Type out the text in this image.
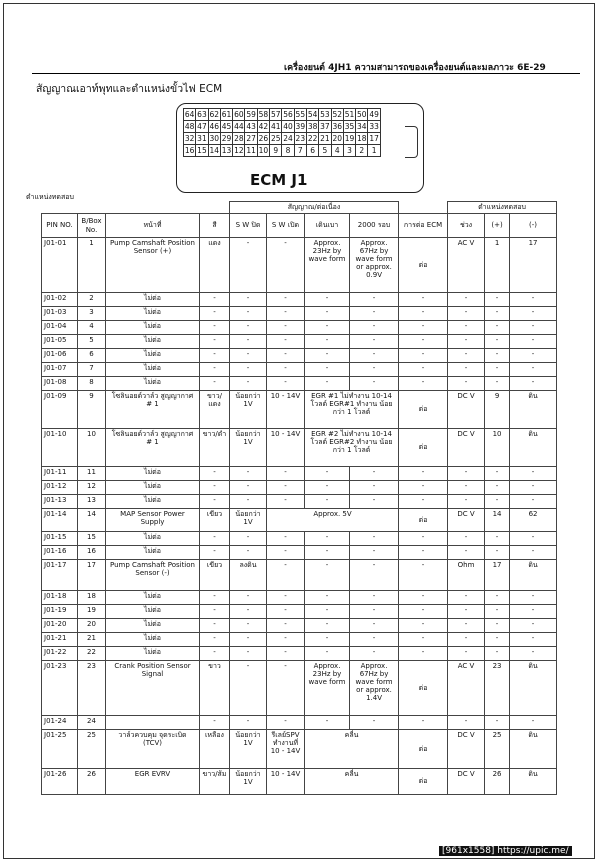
เครื่องยนต์ 4JH1 ความสามารถของเครื่องยนต์และมลภาวะ 6E-29
สัญญาณเอาท์พุทและตำแหน่งขั้วไฟ ECM
64	63	62	61	60	59	58	57	56	55	54	53	52	51	50	49
48	47	46	45	44	43	42	41	40	39	38	37	36	35	34	33
32	31	30	29	28	27	26	25	24	23	22	21	20	19	18	17
16	15	14	13	12	11	10	9	8	7	6	5	4	3	2	1
ECM J1
ตำแหน่งทดสอบ
				สัญญาณ/ต่อเนื่อง					ตำแหน่งทดสอบ		
PIN NO.	B/Box No.	หน้าที่	สี	S W ปิด	S W เปิด	เดินเบา	2000 รอบ	การต่อ ECM	ช่วง	(+)	(-)
J01-01	1	Pump Camshaft Position Sensor (+)	แดง	-	-	Approx. 23Hz by wave form	Approx. 67Hz by wave form or approx. 0.9V	ต่อ	AC V	1	17
J01-02	2	ไม่ต่อ	-	-	-	-	-	-	-	-	-
J01-03	3	ไม่ต่อ	-	-	-	-	-	-	-	-	-
J01-04	4	ไม่ต่อ	-	-	-	-	-	-	-	-	-
J01-05	5	ไม่ต่อ	-	-	-	-	-	-	-	-	-
J01-06	6	ไม่ต่อ	-	-	-	-	-	-	-	-	-
J01-07	7	ไม่ต่อ	-	-	-	-	-	-	-	-	-
J01-08	8	ไม่ต่อ	-	-	-	-	-	-	-	-	-
J01-09	9	โซลินอยด์วาล์ว สูญญากาศ # 1	ขาว/แดง	น้อยกว่า 1V	10 - 14V	EGR #1 ไม่ทำงาน 10-14 โวลต์ EGR#1 ทำงาน น้อยกว่า 1 โวลต์		ต่อ	DC V	9	ดิน
J01-10	10	โซลินอยด์วาล์ว สูญญากาศ # 1	ขาว/ดำ	น้อยกว่า 1V	10 - 14V	EGR #2 ไม่ทำงาน 10-14 โวลต์ EGR#2 ทำงาน น้อยกว่า 1 โวลต์		ต่อ	DC V	10	ดิน
J01-11	11	ไม่ต่อ	-	-	-	-	-	-	-	-	-
J01-12	12	ไม่ต่อ	-	-	-	-	-	-	-	-	-
J01-13	13	ไม่ต่อ	-	-	-	-	-	-	-	-	-
J01-14	14	MAP Sensor Power Supply	เขียว	น้อยกว่า 1V	Approx. 5V			ต่อ	DC V	14	62
J01-15	15	ไม่ต่อ	-	-	-	-	-	-	-	-	-
J01-16	16	ไม่ต่อ	-	-	-	-	-	-	-	-	-
J01-17	17	Pump Camshaft Position Sensor (-)	เขียว	ลงดิน	-	-	-	-	Ohm	17	ดิน
J01-18	18	ไม่ต่อ	-	-	-	-	-	-	-	-	-
J01-19	19	ไม่ต่อ	-	-	-	-	-	-	-	-	-
J01-20	20	ไม่ต่อ	-	-	-	-	-	-	-	-	-
J01-21	21	ไม่ต่อ	-	-	-	-	-	-	-	-	-
J01-22	22	ไม่ต่อ	-	-	-	-	-	-	-	-	-
J01-23	23	Crank Position Sensor Signal	ขาว	-	-	Approx. 23Hz by wave form	Approx. 67Hz by wave form or approx. 1.4V	ต่อ	AC V	23	ดิน
J01-24	24		-	-	-	-	-	-	-	-	-
J01-25	25	วาล์วควบคุม จุดระเบิด (TCV)	เหลือง	น้อยกว่า 1V	รีเลย์SPV ทำงานที่ 10 - 14V	คลื่น		ต่อ	DC V	25	ดิน
J01-26	26	EGR EVRV	ขาว/ส้ม	น้อยกว่า 1V	10 - 14V	คลื่น		ต่อ	DC V	26	ดิน
[961x1558] https://upic.me/
